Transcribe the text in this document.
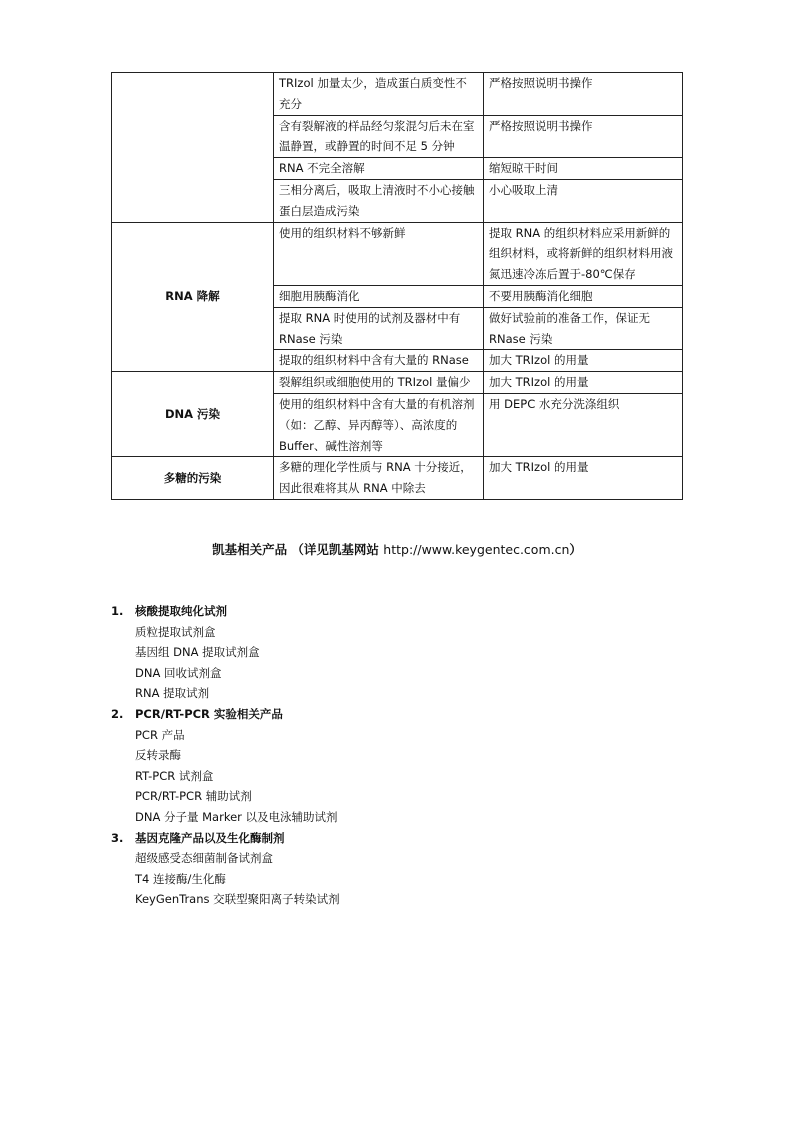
	TRIzol 加量太少，造成蛋白质变性不充分	严格按照说明书操作
	含有裂解液的样品经匀浆混匀后未在室温静置，或静置的时间不足 5 分钟	严格按照说明书操作
	RNA 不完全溶解	缩短晾干时间
	三相分离后，吸取上清液时不小心接触蛋白层造成污染	小心吸取上清
RNA 降解	使用的组织材料不够新鲜	提取 RNA 的组织材料应采用新鲜的组织材料，或将新鲜的组织材料用液氮迅速冷冻后置于-80℃保存
	细胞用胰酶消化	不要用胰酶消化细胞
	提取 RNA 时使用的试剂及器材中有 RNase 污染	做好试验前的准备工作，保证无 RNase 污染
	提取的组织材料中含有大量的 RNase	加大 TRIzol 的用量
DNA 污染	裂解组织或细胞使用的 TRIzol 量偏少	加大 TRIzol 的用量
	使用的组织材料中含有大量的有机溶剂（如：乙醇、异丙醇等）、高浓度的 Buffer、碱性溶剂等	用 DEPC 水充分洗涤组织
多糖的污染	多糖的理化学性质与 RNA 十分接近，因此很难将其从 RNA 中除去	加大 TRIzol 的用量
凯基相关产品 （详见凯基网站 http://www.keygentec.com.cn）
1.	核酸提取纯化试剂
质粒提取试剂盒
基因组 DNA 提取试剂盒
DNA 回收试剂盒
RNA 提取试剂
2.	PCR/RT-PCR 实验相关产品
PCR 产品
反转录酶
RT-PCR 试剂盒
PCR/RT-PCR 辅助试剂
DNA 分子量 Marker 以及电泳辅助试剂
3.	基因克隆产品以及生化酶制剂
超级感受态细菌制备试剂盒
T4 连接酶/生化酶
KeyGenTrans 交联型聚阳离子转染试剂
